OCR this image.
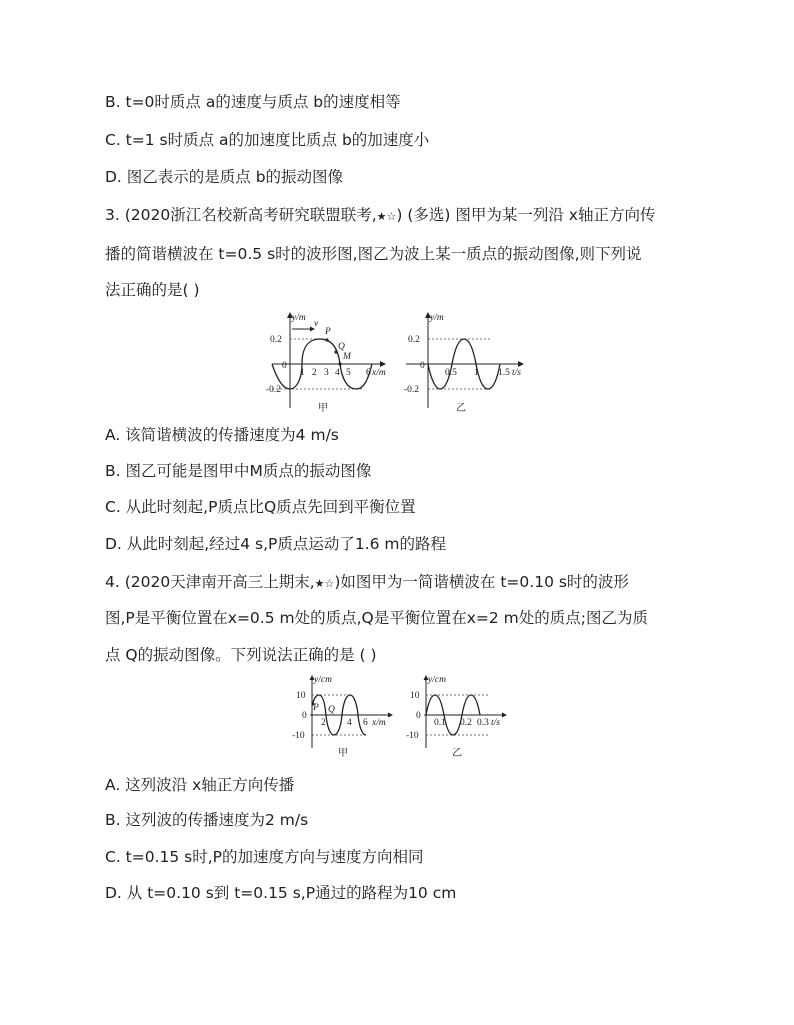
B. t=0时质点 a的速度与质点 b的速度相等
C. t=1 s时质点 a的加速度比质点 b的加速度小
D. 图乙表示的是质点 b的振动图像
3. (2020浙江名校新高考研究联盟联考,★☆) (多选) 图甲为某一列沿 x轴正方向传
播的简谐横波在 t=0.5 s时的波形图,图乙为波上某一质点的振动图像,则下列说
法正确的是( )
y/m
0.2
0
-0.2
1 2 3 4 5 6 x/m
v
P
Q
M
甲
y/m
0.2
0
-0.2
0.5 1 1.5 t/s
乙
A. 该简谐横波的传播速度为4 m/s
B. 图乙可能是图甲中M质点的振动图像
C. 从此时刻起,P质点比Q质点先回到平衡位置
D. 从此时刻起,经过4 s,P质点运动了1.6 m的路程
4. (2020天津南开高三上期末,★☆)如图甲为一简谐横波在 t=0.10 s时的波形
图,P是平衡位置在x=0.5 m处的质点,Q是平衡位置在x=2 m处的质点;图乙为质
点 Q的振动图像。下列说法正确的是 ( )
y/cm
10
0
-10
2 4 6 x/m
P Q
甲
y/cm
10
0
-10
0.1 0.2 0.3 t/s
乙
A. 这列波沿 x轴正方向传播
B. 这列波的传播速度为2 m/s
C. t=0.15 s时,P的加速度方向与速度方向相同
D. 从 t=0.10 s到 t=0.15 s,P通过的路程为10 cm
